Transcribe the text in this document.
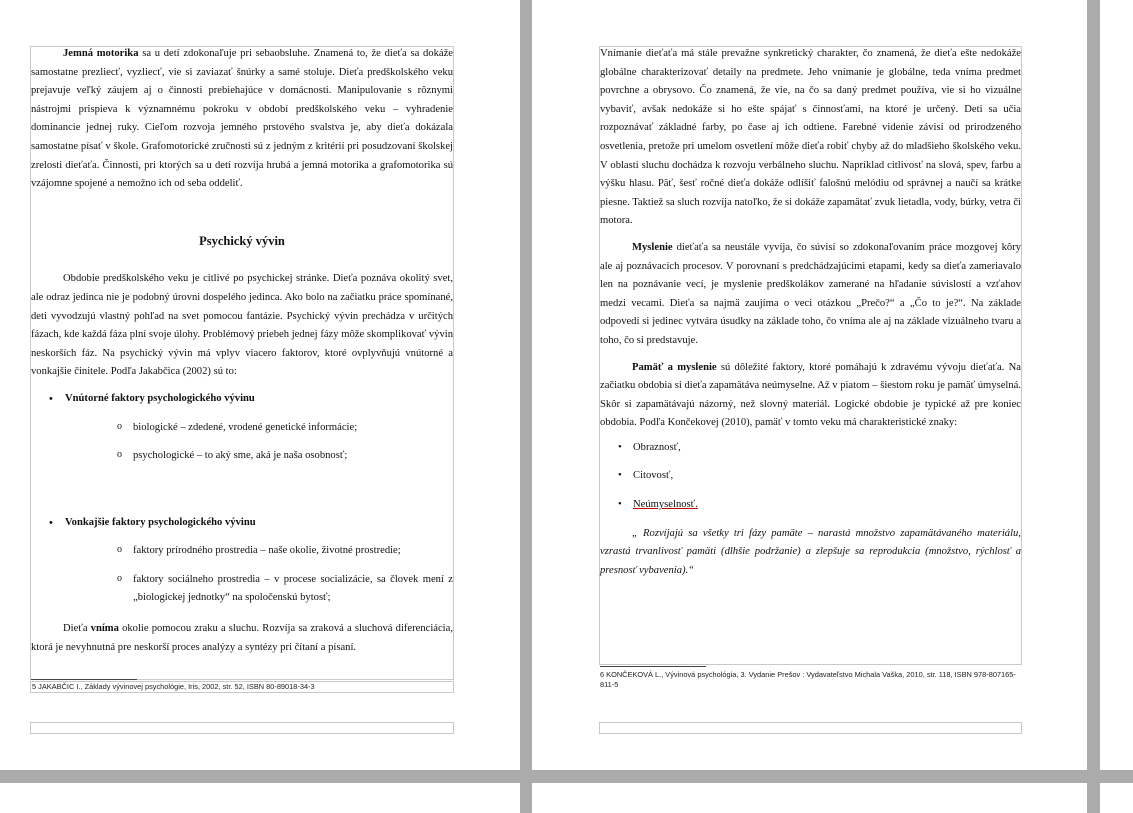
Jemná motorika sa u detí zdokonaľuje pri sebaobsluhe. Znamená to, že dieťa sa dokáže samostatne prezliecť, vyzliecť, vie si zaviazať šnúrky a samé stoluje. Dieťa predškolského veku prejavuje veľký záujem aj o činnosti prebiehajúce v domácnosti. Manipulovanie s rôznymi nástrojmi prispieva k významnému pokroku v období predškolského veku – vyhradenie dominancie jednej ruky. Cieľom rozvoja jemného prstového svalstva je, aby dieťa dokázala samostatne písať v škole. Grafomotorické zručnosti sú z jedným z kritérií pri posudzovaní školskej zrelosti dieťaťa. Činnosti, pri ktorých sa u detí rozvíja hrubá a jemná motorika a grafomotorika sú vzájomne spojené a nemožno ich od seba oddeliť.

Psychický vývin

Obdobie predškolského veku je citlivé po psychickej stránke. Dieťa poznáva okolitý svet, ale odraz jedinca nie je podobný úrovni dospelého jedinca. Ako bolo na začiatku práce spomínané, deti vyvodzujú vlastný pohľad na svet pomocou fantázie. Psychický vývin prechádza v určitých fázach, kde každá fáza plní svoje úlohy. Problémový priebeh jednej fázy môže skomplikovať vývin neskorších fáz. Na psychický vývin má vplyv viacero faktorov, ktoré ovplyvňujú vnútorné a vonkajšie činitele. Podľa Jakabčica (2002) sú to:

• Vnútorné faktory psychologického vývinu
o biologické – zdedené, vrodené genetické informácie;
o psychologické – to aký sme, aká je naša osobnosť;
• Vonkajšie faktory psychologického vývinu
o faktory prírodného prostredia – naše okolie, životné prostredie;
o faktory sociálneho prostredia – v procese socializácie, sa človek mení z „biologickej jednotky“ na spoločenskú bytosť;

Dieťa vníma okolie pomocou zraku a sluchu. Rozvíja sa zraková a sluchová diferenciácia, ktorá je nevyhnutná pre neskorší proces analýzy a syntézy pri čítaní a písaní.

5 JAKABČIC I., Základy vývinovej psychológie, Iris, 2002, str. 52, ISBN 80-89018-34-3

Vnímanie dieťaťa má stále prevažne synkretický charakter, čo znamená, že dieťa ešte nedokáže globálne charakterizovať detaily na predmete. Jeho vnímanie je globálne, teda vníma predmet povrchne a obrysovo. Čo znamená, že vie, na čo sa daný predmet používa, vie si ho vizuálne vybaviť, avšak nedokáže si ho ešte spájať s činnosťami, na ktoré je určený. Deti sa učia rozpoznávať základné farby, po čase aj ich odtiene. Farebné videnie závisí od prirodzeného osvetlenia, pretože pri umelom osvetlení môže dieťa robiť chyby až do mladšieho školského veku. V oblasti sluchu dochádza k rozvoju verbálneho sluchu. Napríklad citlivosť na slová, spev, farbu a výšku hlasu. Päť, šesť ročné dieťa dokáže odlíšiť falošnú melódiu od správnej a naučí sa krátke piesne. Taktiež sa sluch rozvíja natoľko, že si dokáže zapamätať zvuk lietadla, vody, búrky, vetra či motora.

Myslenie dieťaťa sa neustále vyvíja, čo súvisí so zdokonaľovaním práce mozgovej kôry ale aj poznávacích procesov. V porovnaní s predchádzajúcimi etapami, kedy sa dieťa zameriavalo len na poznávanie vecí, je myslenie predškolákov zamerané na hľadanie súvislostí a vzťahov medzi vecami. Dieťa sa najmä zaujíma o veci otázkou „Prečo?“ a „Čo to je?“. Na základe odpovedí si jedinec vytvára úsudky na základe toho, čo vníma ale aj na základe vizuálneho tvaru a toho, čo si predstavuje.

Pamäť a myslenie sú dôležité faktory, ktoré pomáhajú k zdravému vývoju dieťaťa. Na začiatku obdobia si dieťa zapamätáva neúmyselne. Až v piatom – šiestom roku je pamäť úmyselná. Skôr si zapamätávajú názorný, než slovný materiál. Logické obdobie je typické až pre koniec obdobia. Podľa Končekovej (2010), pamäť v tomto veku má charakteristické znaky:

• Obraznosť,
• Citovosť,
• Neúmyselnosť.

„ Rozvíjajú sa všetky tri fázy pamäte – narastá množstvo zapamätávaného materiálu, vzrastá trvanlivosť pamäti (dlhšie podržanie) a zlepšuje sa reprodukcia (množstvo, rýchlosť a presnosť vybavenia).“

6 KONČEKOVÁ L., Vývinová psychológia, 3. Vydanie Prešov : Vydavateľstvo Michala Vaška, 2010, str. 118, ISBN 978-807165-811-5
